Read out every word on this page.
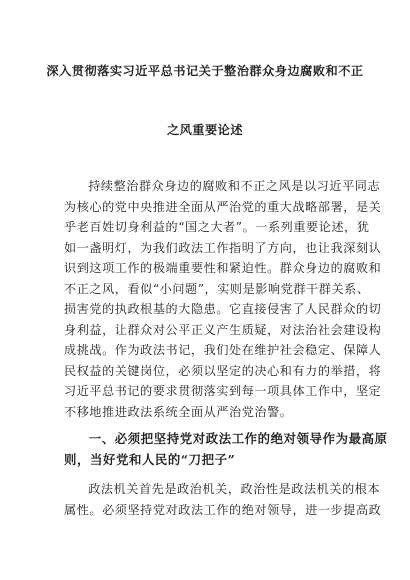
深入贯彻落实习近平总书记关于整治群众身边腐败和不正
之风重要论述
持续整治群众身边的腐败和不正之风是以习近平同志
为核心的党中央推进全面从严治党的重大战略部署，是关
乎老百姓切身利益的“国之大者”。一系列重要论述，犹
如一盏明灯，为我们政法工作指明了方向，也让我深刻认
识到这项工作的极端重要性和紧迫性。群众身边的腐败和
不正之风，看似“小问题”，实则是影响党群干群关系、
损害党的执政根基的大隐患。它直接侵害了人民群众的切
身利益，让群众对公平正义产生质疑，对法治社会建设构
成挑战。作为政法书记，我们处在维护社会稳定、保障人
民权益的关键岗位，必须以坚定的决心和有力的举措，将
习近平总书记的要求贯彻落实到每一项具体工作中，坚定
不移地推进政法系统全面从严治党治警。
一、必须把坚持党对政法工作的绝对领导作为最高原
则，当好党和人民的“刀把子”
政法机关首先是政治机关，政治性是政法机关的根本
属性。必须坚持党对政法工作的绝对领导，进一步提高政
